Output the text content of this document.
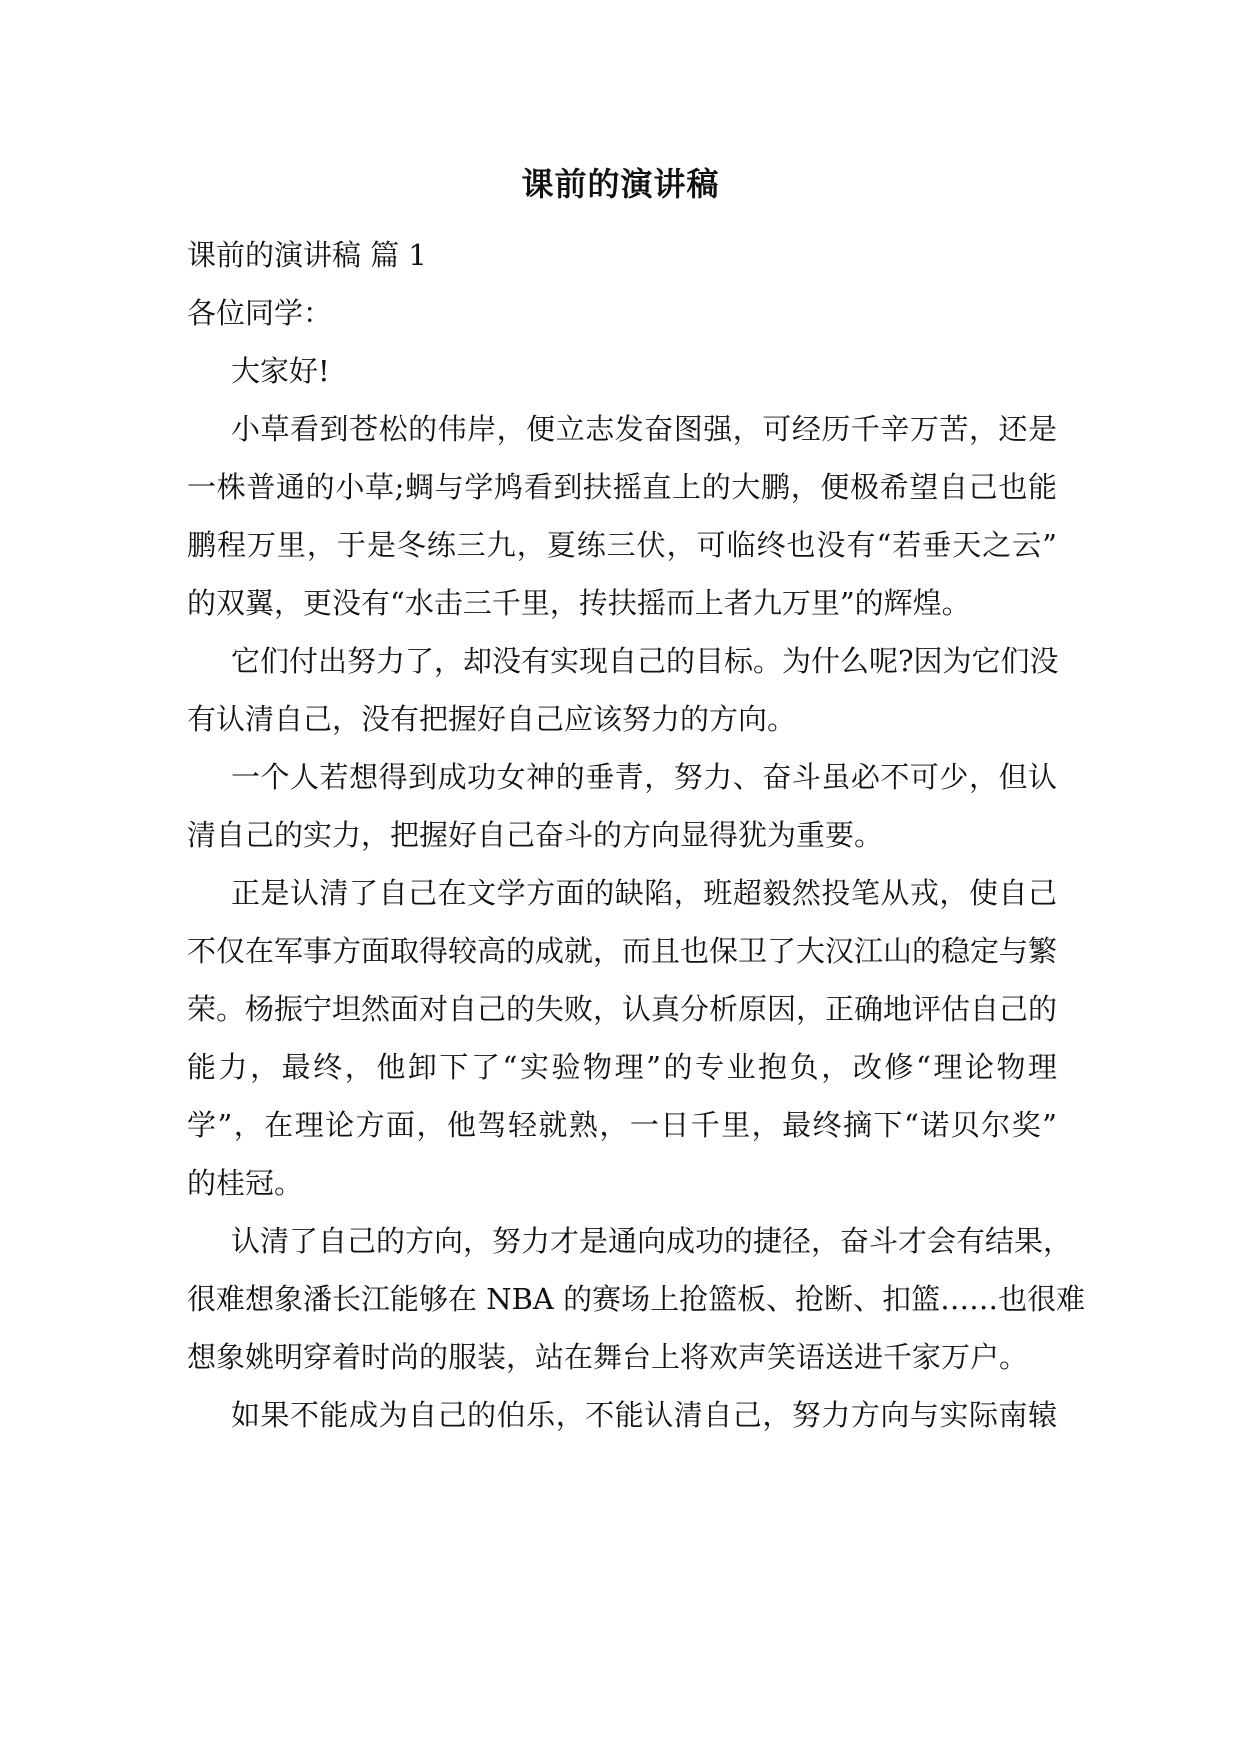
课前的演讲稿
课前的演讲稿 篇 1
各位同学：
大家好!
小草看到苍松的伟岸，便立志发奋图强，可经历千辛万苦，还是
一株普通的小草;蜩与学鸠看到扶摇直上的大鹏，便极希望自己也能
鹏程万里，于是冬练三九，夏练三伏，可临终也没有“若垂天之云”
的双翼，更没有“水击三千里，抟扶摇而上者九万里”的辉煌。
它们付出努力了，却没有实现自己的目标。为什么呢?因为它们没
有认清自己，没有把握好自己应该努力的方向。
一个人若想得到成功女神的垂青，努力、奋斗虽必不可少，但认
清自己的实力，把握好自己奋斗的方向显得犹为重要。
正是认清了自己在文学方面的缺陷，班超毅然投笔从戎，使自己
不仅在军事方面取得较高的成就，而且也保卫了大汉江山的稳定与繁
荣。杨振宁坦然面对自己的失败，认真分析原因，正确地评估自己的
能力，最终，他卸下了“实验物理”的专业抱负，改修“理论物理
学”，在理论方面，他驾轻就熟，一日千里，最终摘下“诺贝尔奖”
的桂冠。
认清了自己的方向，努力才是通向成功的捷径，奋斗才会有结果，
很难想象潘长江能够在 NBA 的赛场上抢篮板、抢断、扣篮……也很难
想象姚明穿着时尚的服装，站在舞台上将欢声笑语送进千家万户。
如果不能成为自己的伯乐，不能认清自己，努力方向与实际南辕
